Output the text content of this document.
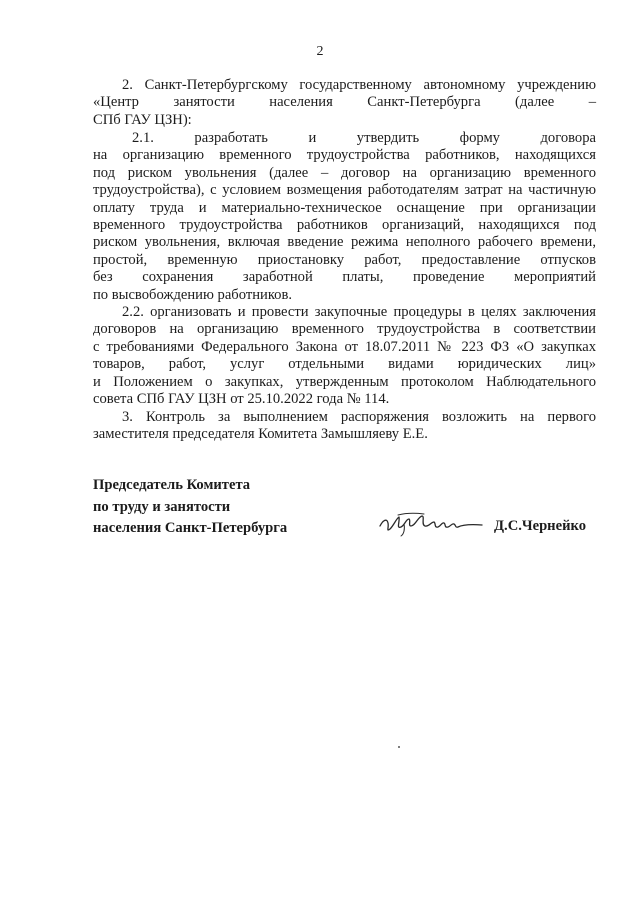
2
2. Санкт-Петербургскому государственному автономному учреждению
«Центр занятости населения Санкт-Петербурга (далее –
СПб ГАУ ЦЗН):
2.1. разработать и утвердить форму договора
на организацию временного трудоустройства работников, находящихся
под риском увольнения (далее – договор на организацию временного
трудоустройства), с условием возмещения работодателям затрат на частичную
оплату труда и материально-техническое оснащение при организации
временного трудоустройства работников организаций, находящихся под
риском увольнения, включая введение режима неполного рабочего времени,
простой, временную приостановку работ, предоставление отпусков
без сохранения заработной платы, проведение мероприятий
по высвобождению работников.
2.2. организовать и провести закупочные процедуры в целях заключения
договоров на организацию временного трудоустройства в соответствии
с требованиями Федерального Закона от 18.07.2011 № 223 ФЗ «О закупках
товаров, работ, услуг отдельными видами юридических лиц»
и Положением о закупках, утвержденным протоколом Наблюдательного
совета СПб ГАУ ЦЗН от 25.10.2022 года № 114.
3. Контроль за выполнением распоряжения возложить на первого
заместителя председателя Комитета Замышляеву Е.Е.
Председатель Комитета
по труду и занятости
населения Санкт-Петербурга	Д.С.Чернейко
